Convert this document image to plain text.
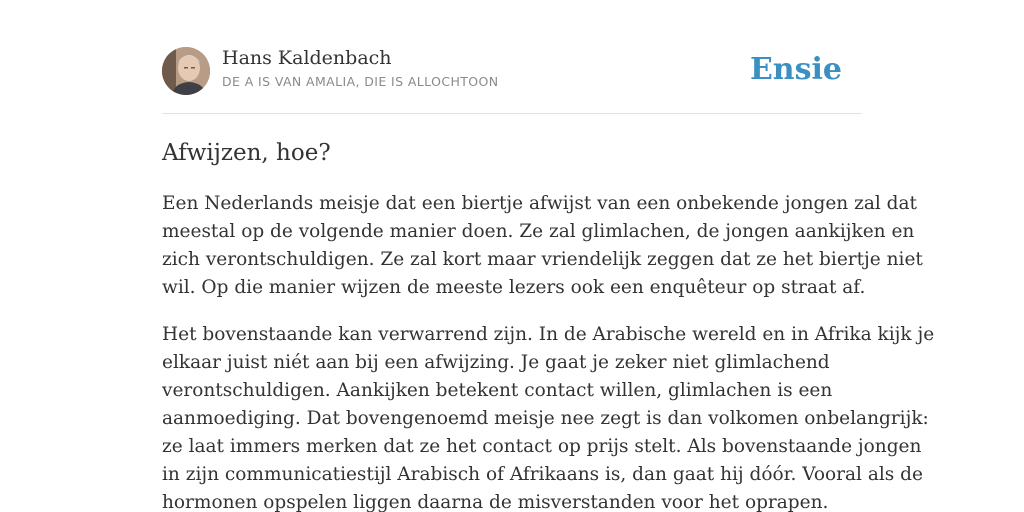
Hans Kaldenbach
DE A IS VAN AMALIA, DIE IS ALLOCHTOON	Ensie
Afwijzen, hoe?

Een Nederlands meisje dat een biertje afwijst van een onbekende jongen zal dat
meestal op de volgende manier doen. Ze zal glimlachen, de jongen aankijken en
zich verontschuldigen. Ze zal kort maar vriendelijk zeggen dat ze het biertje niet
wil. Op die manier wijzen de meeste lezers ook een enquêteur op straat af.

Het bovenstaande kan verwarrend zijn. In de Arabische wereld en in Afrika kijk je
elkaar juist niét aan bij een afwijzing. Je gaat je zeker niet glimlachend
verontschuldigen. Aankijken betekent contact willen, glimlachen is een
aanmoediging. Dat bovengenoemd meisje nee zegt is dan volkomen onbelangrijk:
ze laat immers merken dat ze het contact op prijs stelt. Als bovenstaande jongen
in zijn communicatiestijl Arabisch of Afrikaans is, dan gaat hij dóór. Vooral als de
hormonen opspelen liggen daarna de misverstanden voor het oprapen.
